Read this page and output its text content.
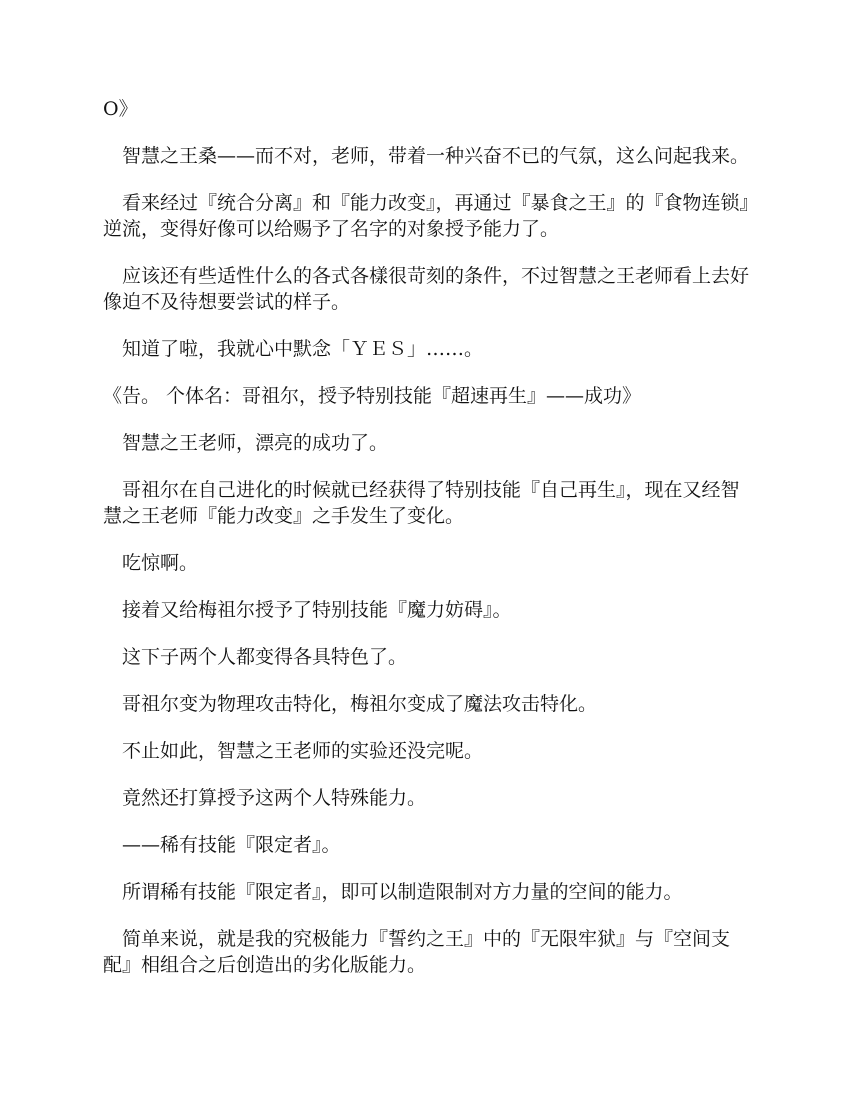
O》

智慧之王桑——而不对，老师，带着一种兴奋不已的气氛，这么问起我来。

看来经过『统合分离』和『能力改变』，再通过『暴食之王』的『食物连锁』逆流，变得好像可以给赐予了名字的对象授予能力了。

应该还有些适性什么的各式各樣很苛刻的条件，不过智慧之王老师看上去好像迫不及待想要尝试的样子。

知道了啦，我就心中默念「ＹＥＳ」……。

《告。 个体名：哥祖尔，授予特别技能『超速再生』——成功》

智慧之王老师，漂亮的成功了。

哥祖尔在自己进化的时候就已经获得了特别技能『自己再生』，现在又经智慧之王老师『能力改变』之手发生了变化。

吃惊啊。

接着又给梅祖尔授予了特别技能『魔力妨碍』。

这下子两个人都变得各具特色了。

哥祖尔变为物理攻击特化，梅祖尔变成了魔法攻击特化。

不止如此，智慧之王老师的实验还没完呢。

竟然还打算授予这两个人特殊能力。

——稀有技能『限定者』。

所谓稀有技能『限定者』，即可以制造限制对方力量的空间的能力。

简单来说，就是我的究极能力『誓约之王』中的『无限牢狱』与『空间支配』相组合之后创造出的劣化版能力。
